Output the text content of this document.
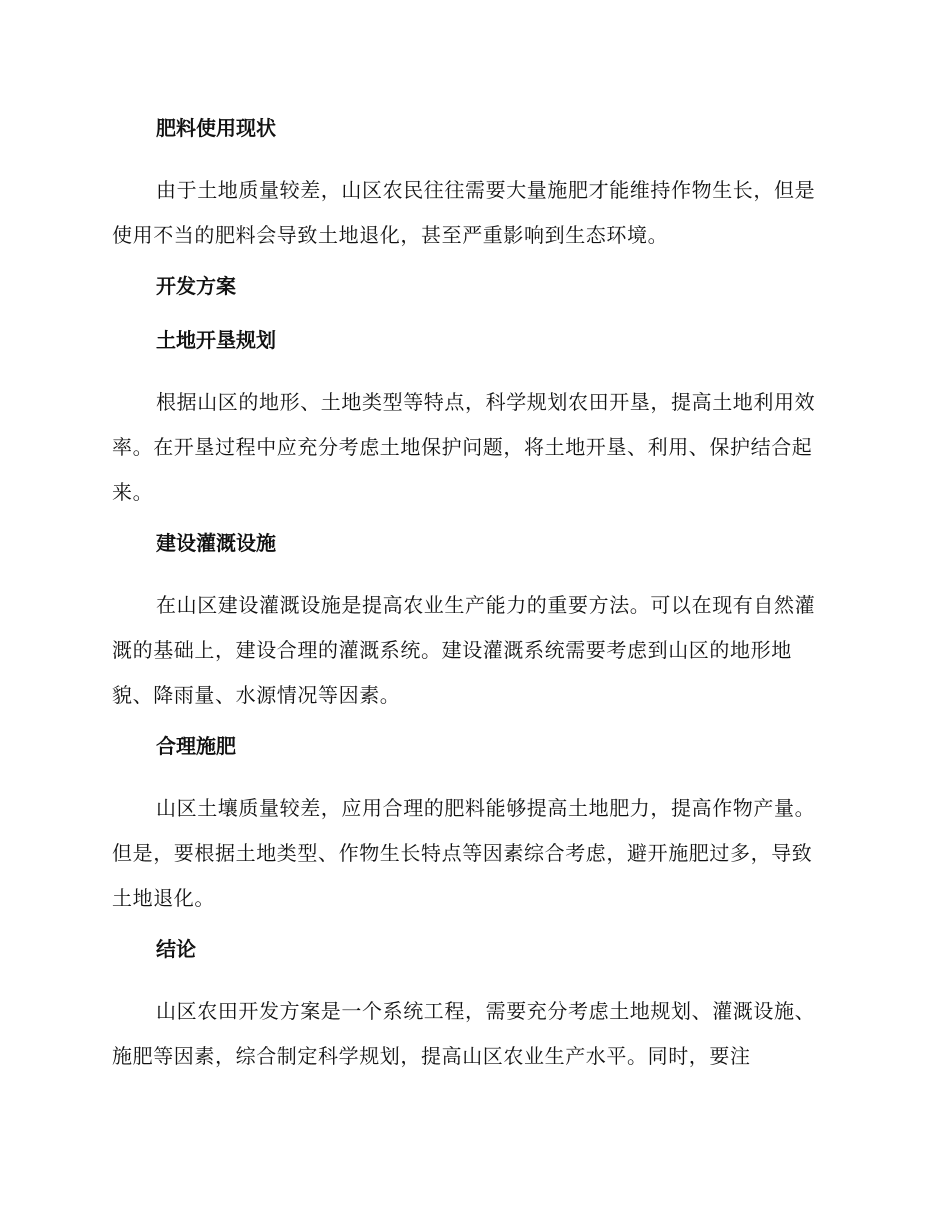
肥料使用现状

由于土地质量较差，山区农民往往需要大量施肥才能维持作物生长，但是使用不当的肥料会导致土地退化，甚至严重影响到生态环境。

开发方案
土地开垦规划

根据山区的地形、土地类型等特点，科学规划农田开垦，提高土地利用效率。在开垦过程中应充分考虑土地保护问题，将土地开垦、利用、保护结合起来。

建设灌溉设施

在山区建设灌溉设施是提高农业生产能力的重要方法。可以在现有自然灌溉的基础上，建设合理的灌溉系统。建设灌溉系统需要考虑到山区的地形地貌、降雨量、水源情况等因素。

合理施肥

山区土壤质量较差，应用合理的肥料能够提高土地肥力，提高作物产量。但是，要根据土地类型、作物生长特点等因素综合考虑，避开施肥过多，导致土地退化。

结论

山区农田开发方案是一个系统工程，需要充分考虑土地规划、灌溉设施、施肥等因素，综合制定科学规划，提高山区农业生产水平。同时，要注
